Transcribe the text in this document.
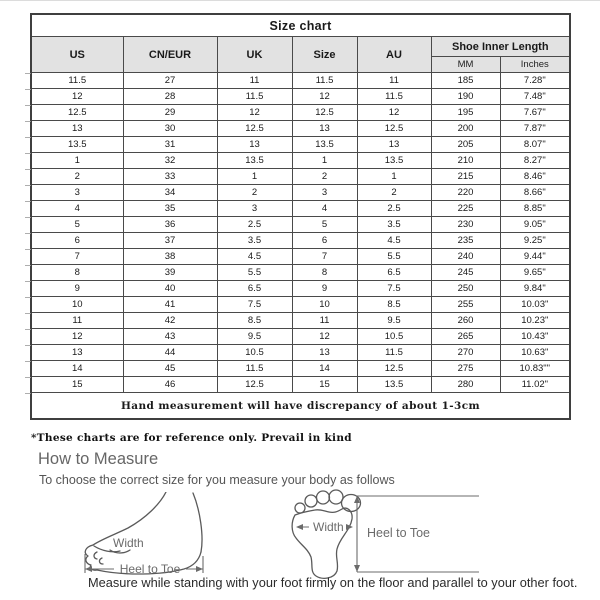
Size chart						
US	CN/EUR	UK	Size	AU	Shoe Inner Length	
					MM	Inches
11.5	27	11	11.5	11	185	7.28"
12	28	11.5	12	11.5	190	7.48"
12.5	29	12	12.5	12	195	7.67"
13	30	12.5	13	12.5	200	7.87"
13.5	31	13	13.5	13	205	8.07"
1	32	13.5	1	13.5	210	8.27"
2	33	1	2	1	215	8.46"
3	34	2	3	2	220	8.66"
4	35	3	4	2.5	225	8.85"
5	36	2.5	5	3.5	230	9.05"
6	37	3.5	6	4.5	235	9.25"
7	38	4.5	7	5.5	240	9.44"
8	39	5.5	8	6.5	245	9.65"
9	40	6.5	9	7.5	250	9.84"
10	41	7.5	10	8.5	255	10.03"
11	42	8.5	11	9.5	260	10.23"
12	43	9.5	12	10.5	265	10.43"
13	44	10.5	13	11.5	270	10.63"
14	45	11.5	14	12.5	275	10.83""
15	46	12.5	15	13.5	280	11.02"
Hand measurement will have discrepancy of about 1-3cm						
*These charts are for reference only. Prevail in kind
How to Measure
To choose the correct size for you measure your body as follows
Width
Heel to Toe
Width Heel to Toe
Measure while standing with your foot firmly on the floor and parallel to your other foot.
